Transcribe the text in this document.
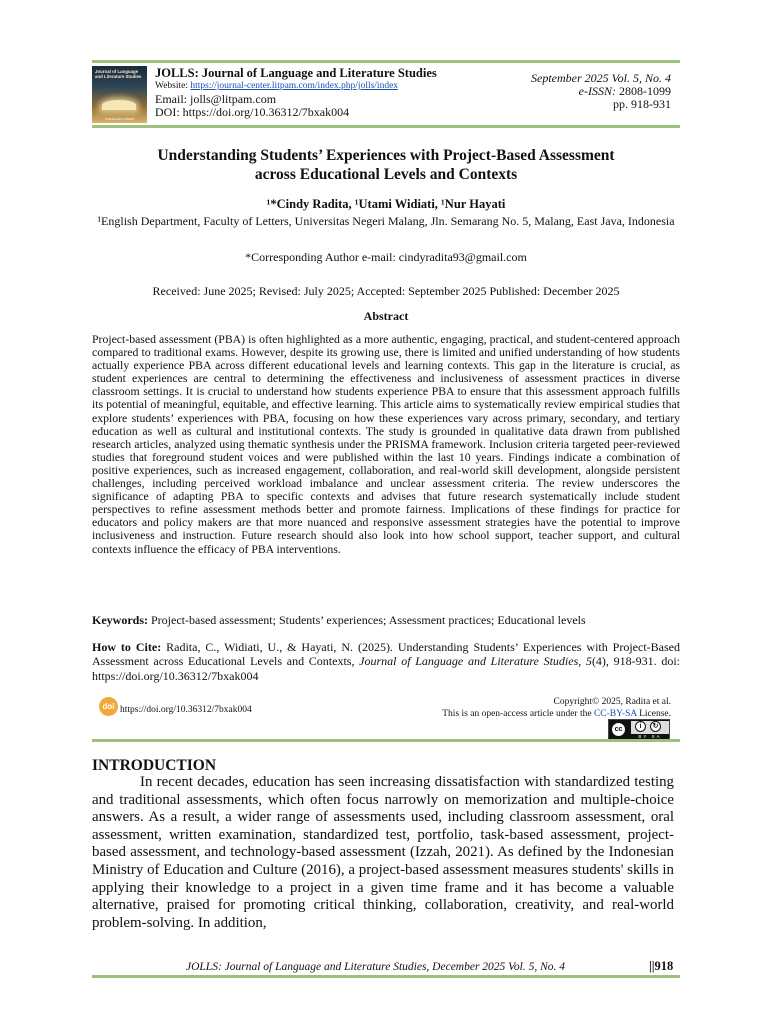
Journal of Language and Literature Studies
Published by LITPAM
JOLLS: Journal of Language and Literature Studies
Website: https://journal-center.litpam.com/index.php/jolls/index
Email: jolls@litpam.com
DOI: https://doi.org/10.36312/7bxak004
September 2025 Vol. 5, No. 4
e-ISSN: 2808-1099
pp. 918-931
Understanding Students’ Experiences with Project-Based Assessment
across Educational Levels and Contexts
¹*Cindy Radita, ¹Utami Widiati, ¹Nur Hayati
¹English Department, Faculty of Letters, Universitas Negeri Malang, Jln. Semarang No. 5, Malang, East Java, Indonesia
*Corresponding Author e-mail: cindyradita93@gmail.com
Received: June 2025; Revised: July 2025; Accepted: September 2025 Published: December 2025
Abstract
Project-based assessment (PBA) is often highlighted as a more authentic, engaging, practical, and student-centered approach compared to traditional exams. However, despite its growing use, there is limited and unified understanding of how students actually experience PBA across different educational levels and learning contexts. This gap in the literature is crucial, as student experiences are central to determining the effectiveness and inclusiveness of assessment practices in diverse classroom settings. It is crucial to understand how students experience PBA to ensure that this assessment approach fulfills its potential of meaningful, equitable, and effective learning. This article aims to systematically review empirical studies that explore students’ experiences with PBA, focusing on how these experiences vary across primary, secondary, and tertiary education as well as cultural and institutional contexts. The study is grounded in qualitative data drawn from published research articles, analyzed using thematic synthesis under the PRISMA framework. Inclusion criteria targeted peer-reviewed studies that foreground student voices and were published within the last 10 years. Findings indicate a combination of positive experiences, such as increased engagement, collaboration, and real-world skill development, alongside persistent challenges, including perceived workload imbalance and unclear assessment criteria. The review underscores the significance of adapting PBA to specific contexts and advises that future research systematically include student perspectives to refine assessment methods better and promote fairness. Implications of these findings for practice for educators and policy makers are that more nuanced and responsive assessment strategies have the potential to improve inclusiveness and instruction. Future research should also look into how school support, teacher support, and cultural contexts influence the efficacy of PBA interventions.
Keywords: Project-based assessment; Students’ experiences; Assessment practices; Educational levels
How to Cite: Radita, C., Widiati, U., & Hayati, N. (2025). Understanding Students’ Experiences with Project-Based Assessment across Educational Levels and Contexts, Journal of Language and Literature Studies, 5(4), 918-931. doi: https://doi.org/10.36312/7bxak004
doi https://doi.org/10.36312/7bxak004
Copyright© 2025, Radita et al.
This is an open-access article under the CC-BY-SA License.
cc	i ↻
BY SA
INTRODUCTION
In recent decades, education has seen increasing dissatisfaction with standardized testing and traditional assessments, which often focus narrowly on memorization and multiple-choice answers. As a result, a wider range of assessments used, including classroom assessment, oral assessment, written examination, standardized test, portfolio, task-based assessment, project-based assessment, and technology-based assessment (Izzah, 2021). As defined by the Indonesian Ministry of Education and Culture (2016), a project-based assessment measures students' skills in applying their knowledge to a project in a given time frame and it has become a valuable alternative, praised for promoting critical thinking, collaboration, creativity, and real-world problem-solving. In addition,
JOLLS: Journal of Language and Literature Studies, December 2025 Vol. 5, No. 4	||918
